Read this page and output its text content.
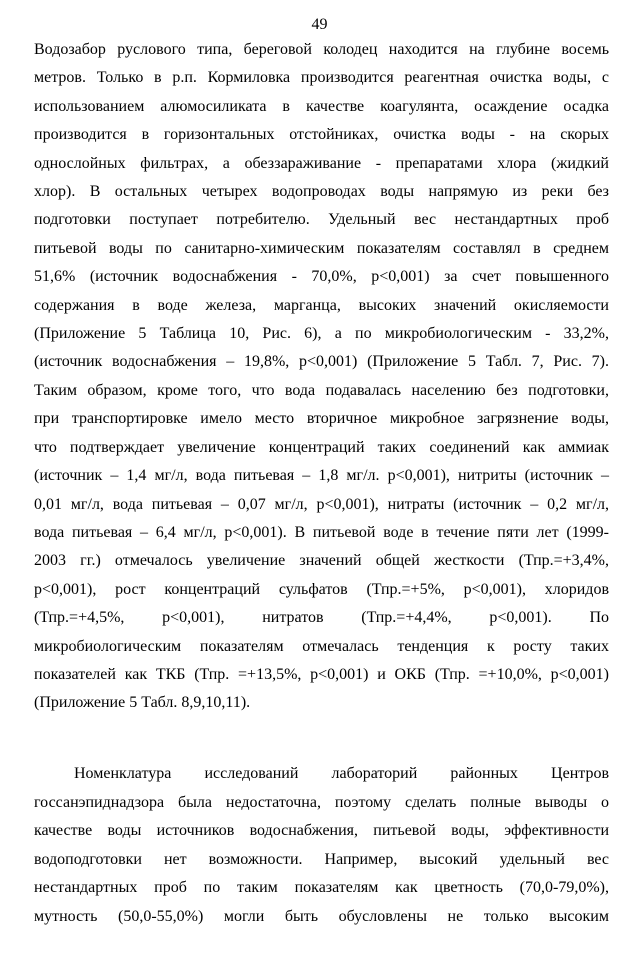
49
Водозабор руслового типа, береговой колодец находится на глубине восемь
метров. Только в р.п. Кормиловка производится реагентная очистка воды, с
использованием алюмосиликата в качестве коагулянта, осаждение осадка
производится в горизонтальных отстойниках, очистка воды - на скорых
однослойных фильтрах, а обеззараживание - препаратами хлора (жидкий
хлор). В остальных четырех водопроводах воды напрямую из реки без
подготовки поступает потребителю. Удельный вес нестандартных проб
питьевой воды по санитарно-химическим показателям составлял в среднем
51,6% (источник водоснабжения - 70,0%, р<0,001) за счет повышенного
содержания в воде железа, марганца, высоких значений окисляемости
(Приложение 5 Таблица 10, Рис. 6), а по микробиологическим - 33,2%,
(источник водоснабжения – 19,8%, р<0,001) (Приложение 5 Табл. 7, Рис. 7).
Таким образом, кроме того, что вода подавалась населению без подготовки,
при транспортировке имело место вторичное микробное загрязнение воды,
что подтверждает увеличение концентраций таких соединений как аммиак
(источник – 1,4 мг/л, вода питьевая – 1,8 мг/л. р<0,001), нитриты (источник –
0,01 мг/л, вода питьевая – 0,07 мг/л, р<0,001), нитраты (источник – 0,2 мг/л,
вода питьевая – 6,4 мг/л, р<0,001). В питьевой воде в течение пяти лет (1999-
2003 гг.) отмечалось увеличение значений общей жесткости (Тпр.=+3,4%,
р<0,001), рост концентраций сульфатов (Тпр.=+5%, р<0,001), хлоридов
(Тпр.=+4,5%, р<0,001), нитратов (Тпр.=+4,4%, р<0,001). По
микробиологическим показателям отмечалась тенденция к росту таких
показателей как ТКБ (Тпр. =+13,5%, р<0,001) и ОКБ (Тпр. =+10,0%, р<0,001)
(Приложение 5 Табл. 8,9,10,11).
Номенклатура исследований лабораторий районных Центров
госсанэпиднадзора была недостаточна, поэтому сделать полные выводы о
качестве воды источников водоснабжения, питьевой воды, эффективности
водоподготовки нет возможности. Например, высокий удельный вес
нестандартных проб по таким показателям как цветность (70,0-79,0%),
мутность (50,0-55,0%) могли быть обусловлены не только высоким
